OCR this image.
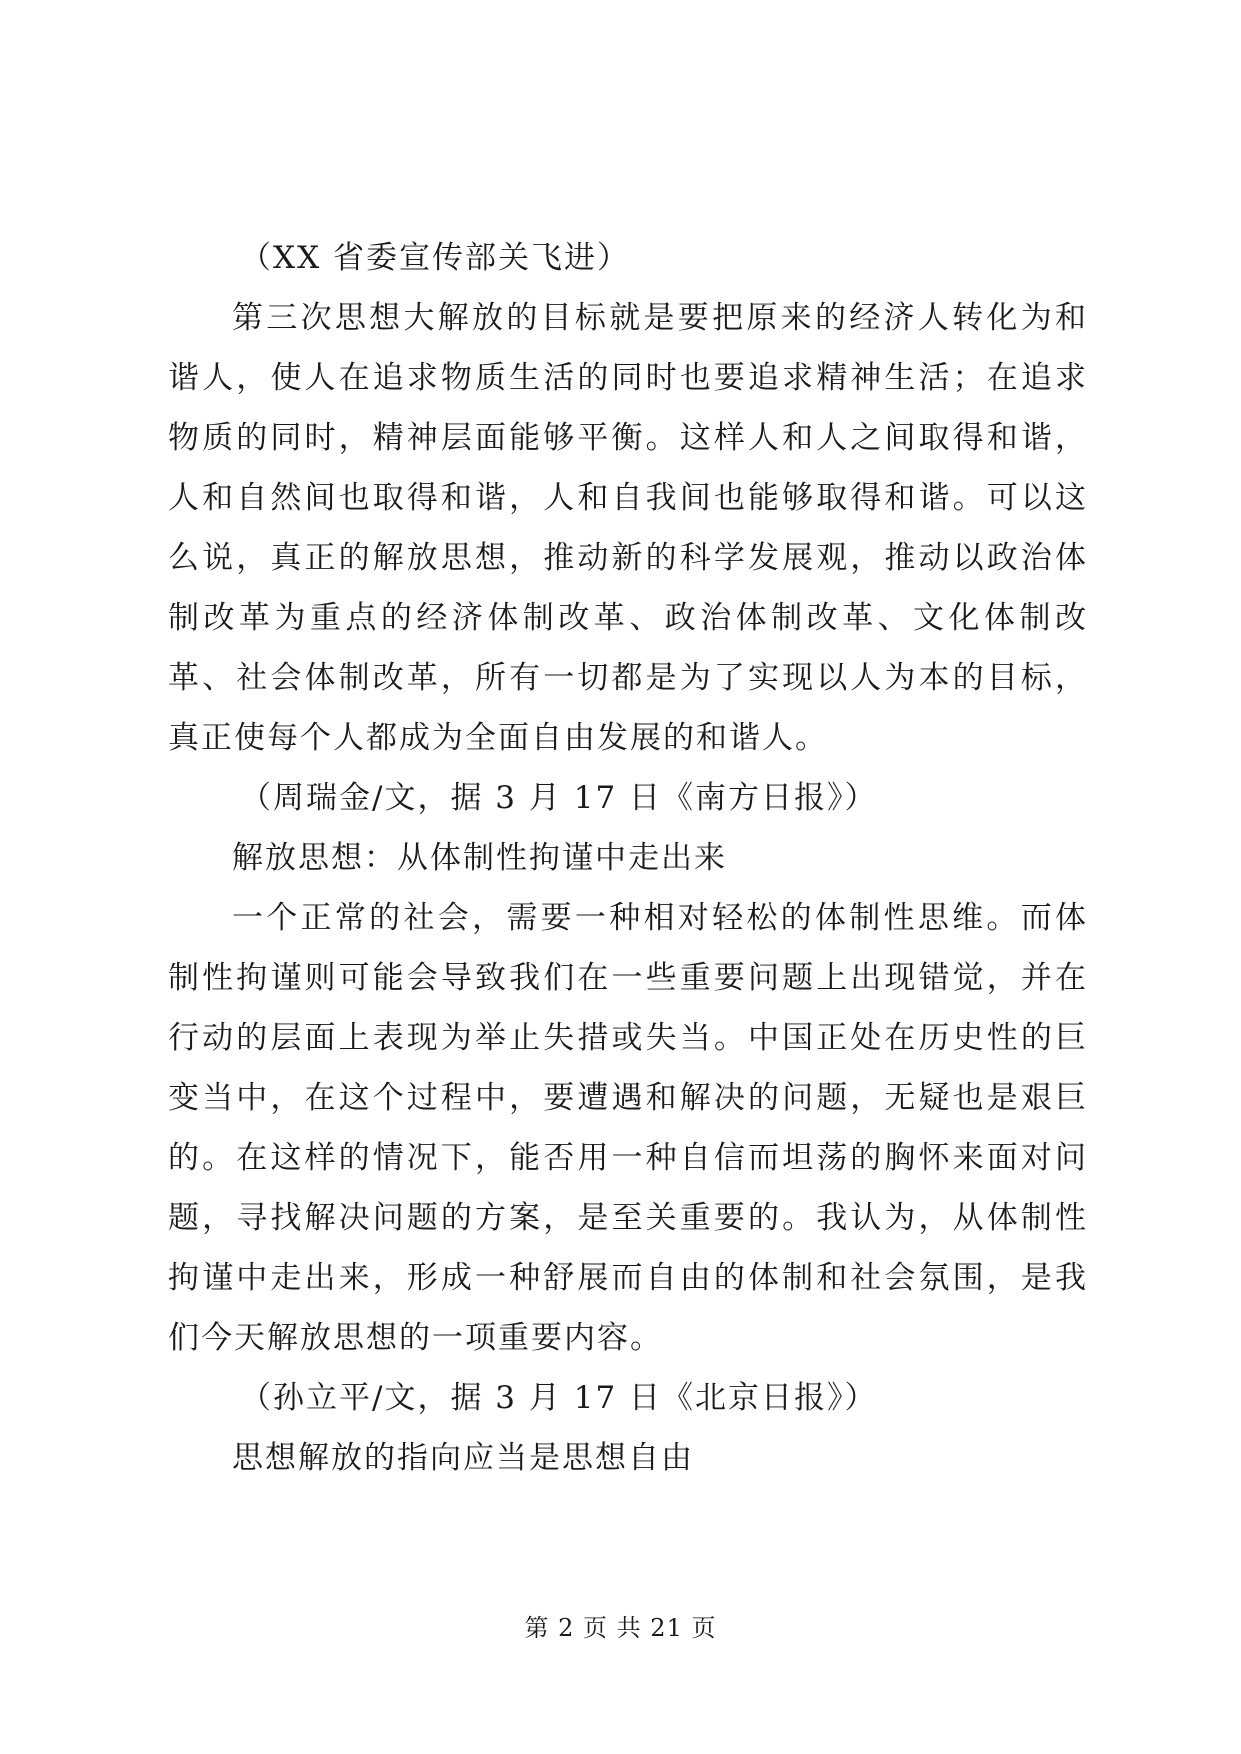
（XX 省委宣传部关飞进）

第三次思想大解放的目标就是要把原来的经济人转化为和谐人，使人在追求物质生活的同时也要追求精神生活；在追求物质的同时，精神层面能够平衡。这样人和人之间取得和谐，人和自然间也取得和谐，人和自我间也能够取得和谐。可以这么说，真正的解放思想，推动新的科学发展观，推动以政治体制改革为重点的经济体制改革、政治体制改革、文化体制改革、社会体制改革，所有一切都是为了实现以人为本的目标，真正使每个人都成为全面自由发展的和谐人。

（周瑞金/文，据 3 月 17 日《南方日报》）

解放思想：从体制性拘谨中走出来

一个正常的社会，需要一种相对轻松的体制性思维。而体制性拘谨则可能会导致我们在一些重要问题上出现错觉，并在行动的层面上表现为举止失措或失当。中国正处在历史性的巨变当中，在这个过程中，要遭遇和解决的问题，无疑也是艰巨的。在这样的情况下，能否用一种自信而坦荡的胸怀来面对问题，寻找解决问题的方案，是至关重要的。我认为，从体制性拘谨中走出来，形成一种舒展而自由的体制和社会氛围，是我们今天解放思想的一项重要内容。

（孙立平/文，据 3 月 17 日《北京日报》）

思想解放的指向应当是思想自由

第 2 页 共 21 页
